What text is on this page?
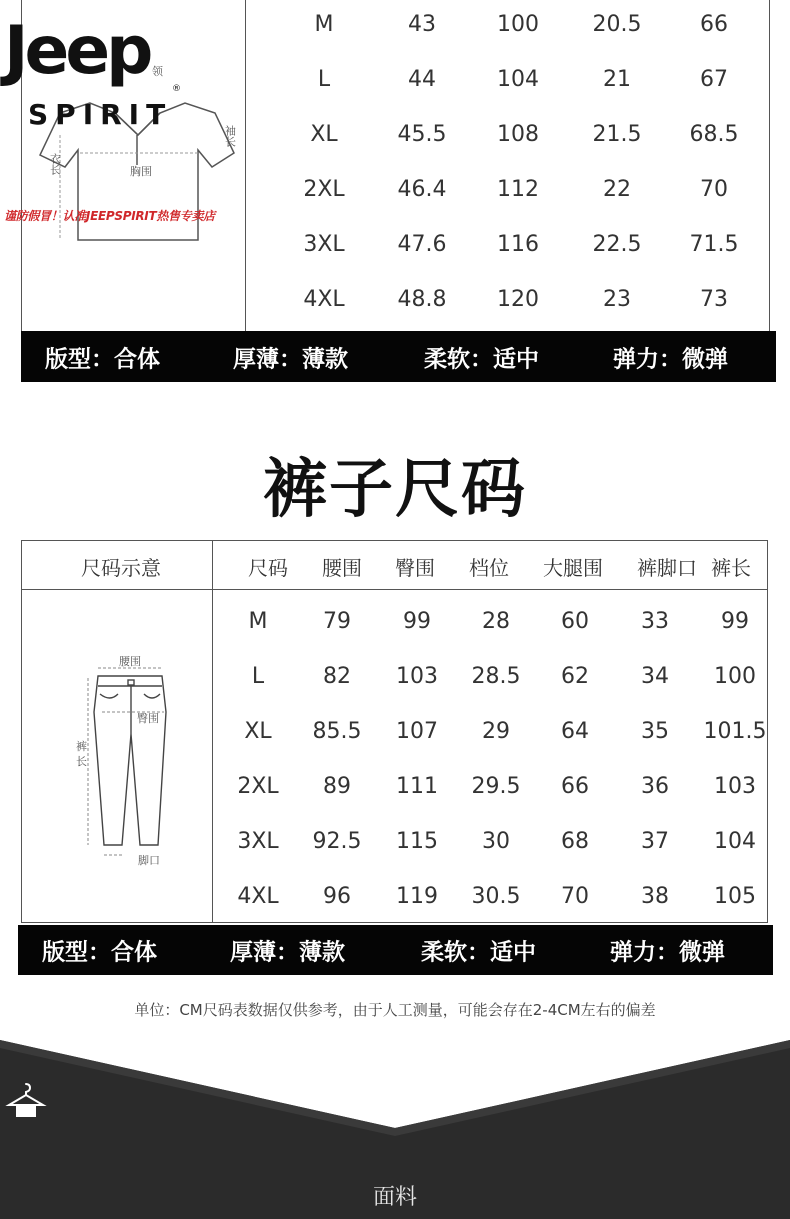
Jeep	®
袖长
衣长	胸围
领
SPIRIT
谨防假冒！认准JEEPSPIRIT热售专卖店
M	43	100	20.5	66
L	44	104	21	67
XL	45.5	108	21.5	68.5
2XL	46.4	112	22	70
3XL	47.6	116	22.5	71.5
4XL	48.8	120	23	73
版型：合体	厚薄：薄款	柔软：适中	弹力：微弹
裤子尺码
尺码示意	尺码 腰围 臀围 档位 大腿围 裤脚口 裤长
腰围
臀围
裤
长
脚口
M	79	99	28	60	33	99
L	82	103	28.5	62	34	100
XL	85.5	107	29	64	35	101.5
2XL	89	111	29.5	66	36	103
3XL	92.5	115	30	68	37	104
4XL	96	119	30.5	70	38	105
版型：合体	厚薄：薄款	柔软：适中	弹力：微弹
单位：CM尺码表数据仅供参考，由于人工测量，可能会存在2-4CM左右的偏差
面料
